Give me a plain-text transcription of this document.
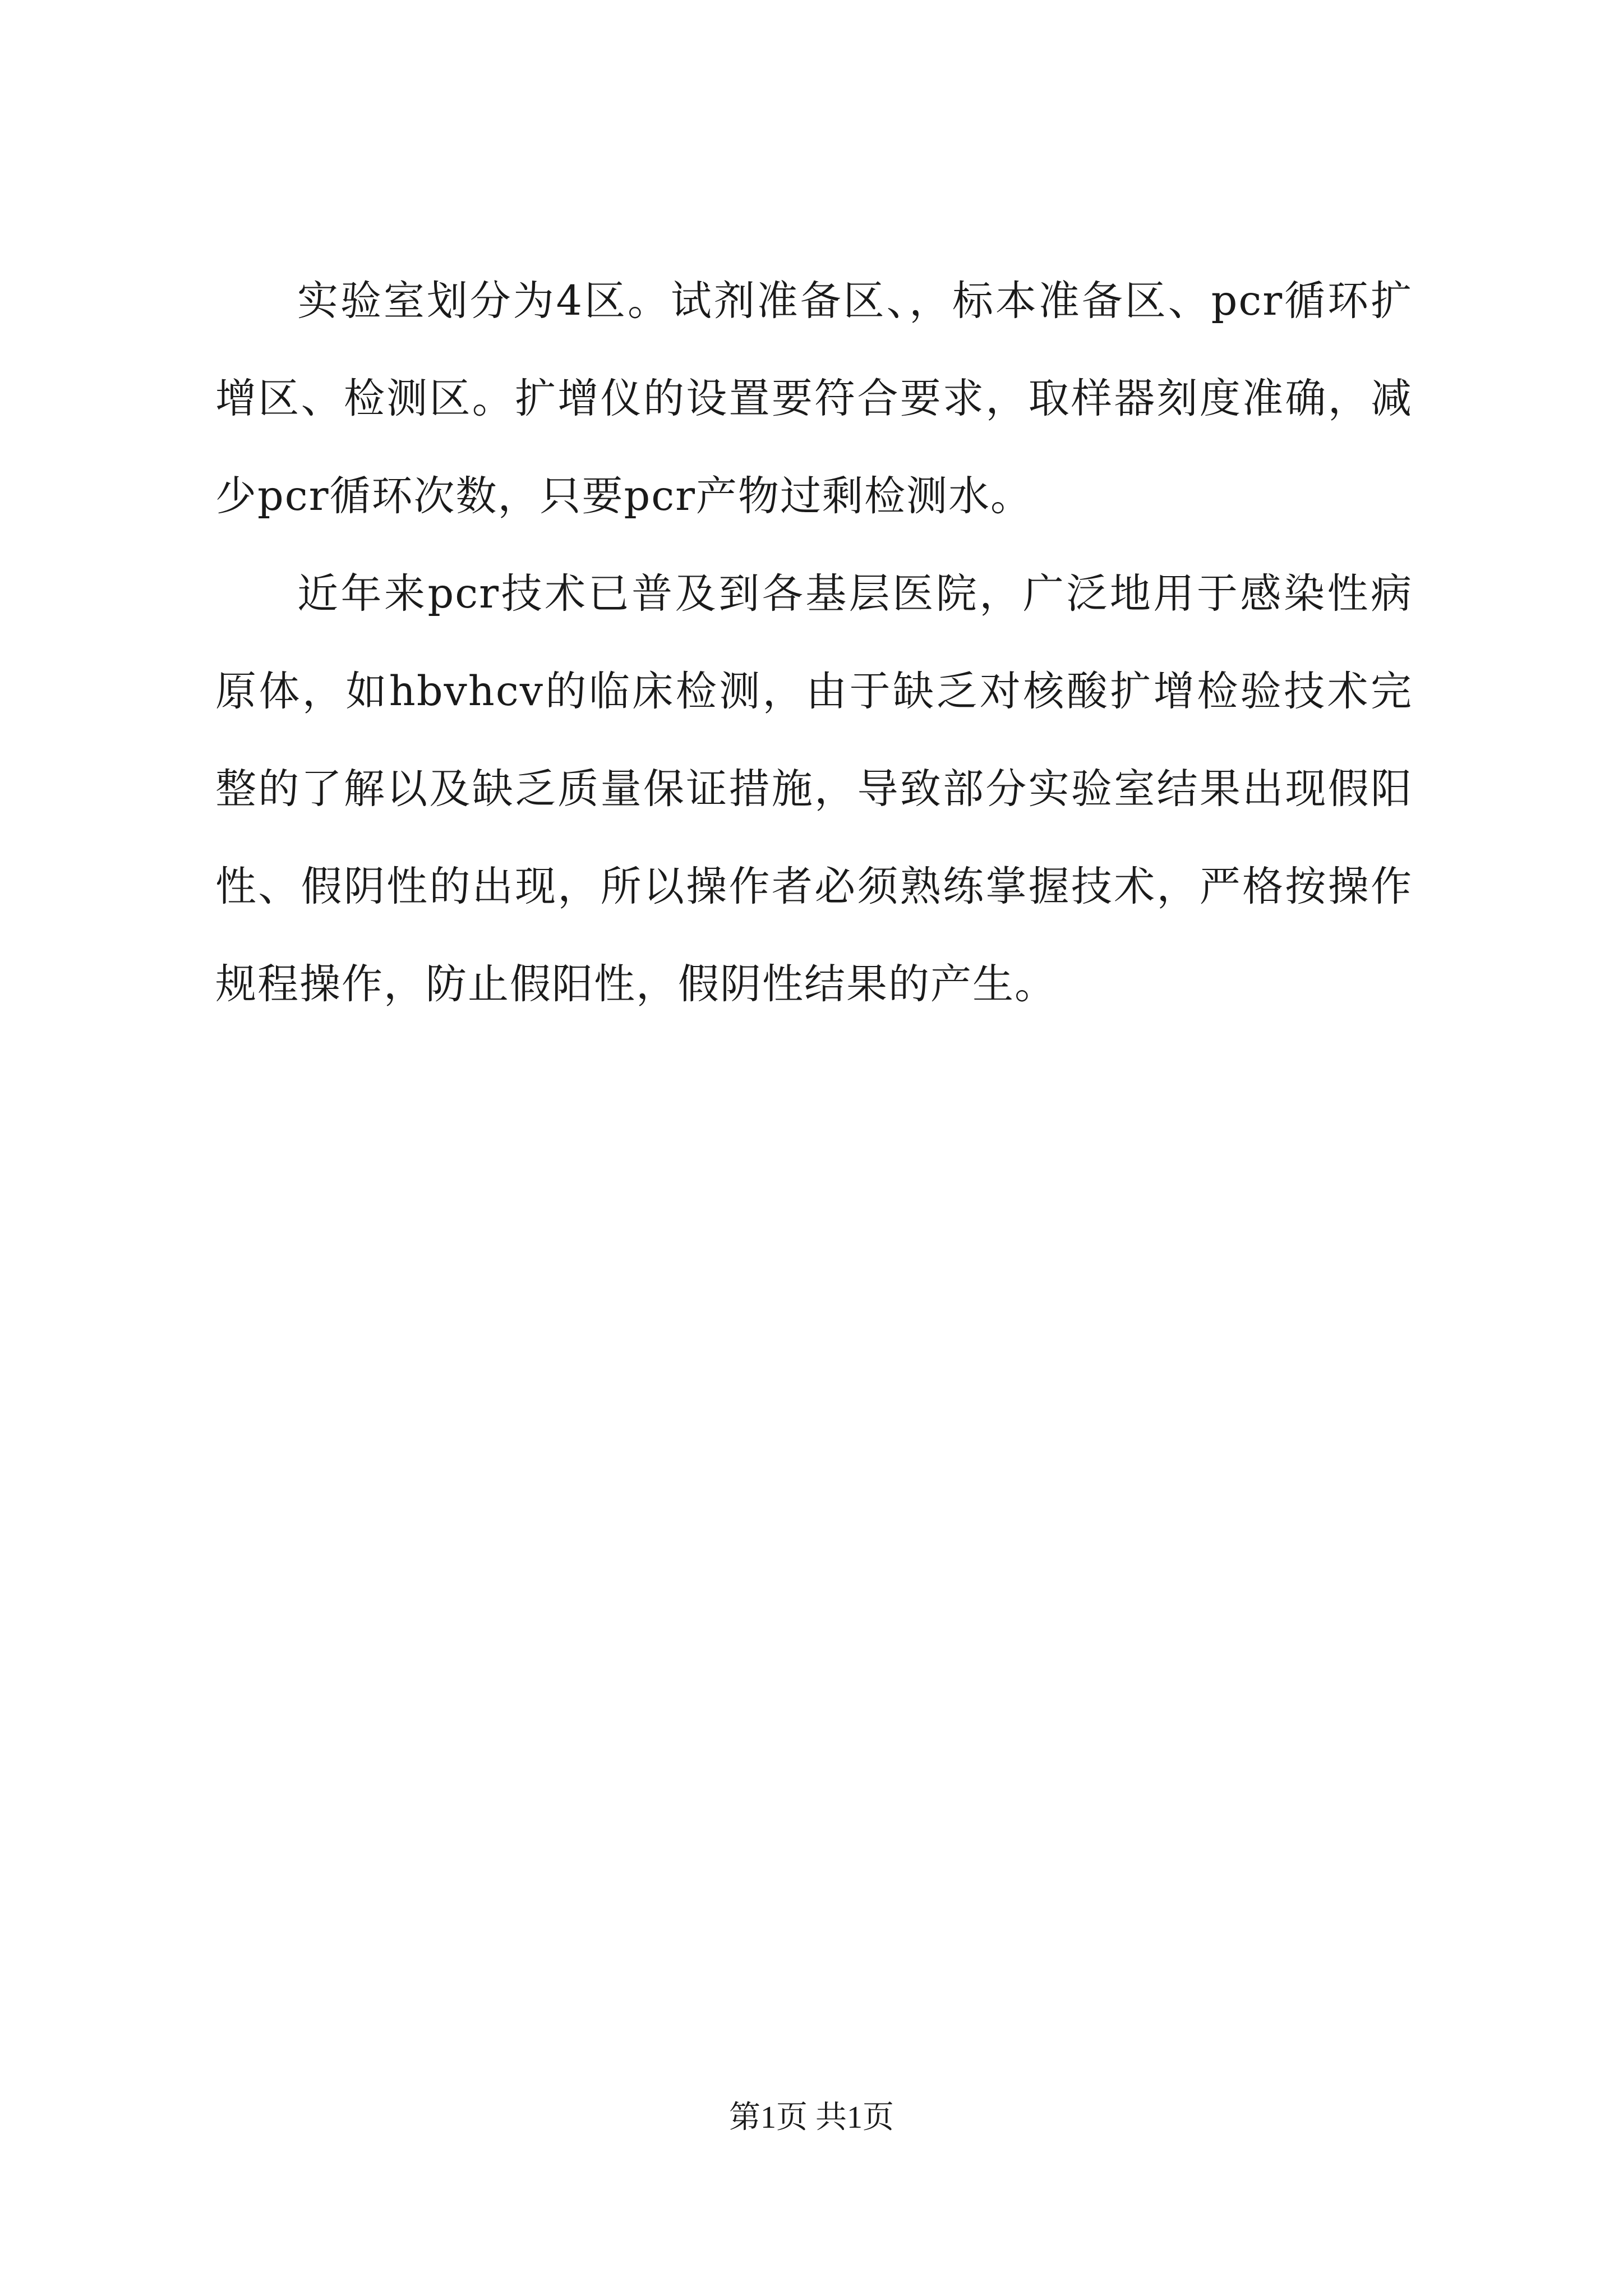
实验室划分为4区。试剂准备区、，标本准备区、pcr循环扩增区、检测区。扩增仪的设置要符合要求，取样器刻度准确，减少pcr循环次数，只要pcr产物过剩检测水。

近年来pcr技术已普及到各基层医院，广泛地用于感染性病原体，如hbvhcv的临床检测，由于缺乏对核酸扩增检验技术完整的了解以及缺乏质量保证措施，导致部分实验室结果出现假阳性、假阴性的出现，所以操作者必须熟练掌握技术，严格按操作规程操作，防止假阳性，假阴性结果的产生。

第1页 共1页
